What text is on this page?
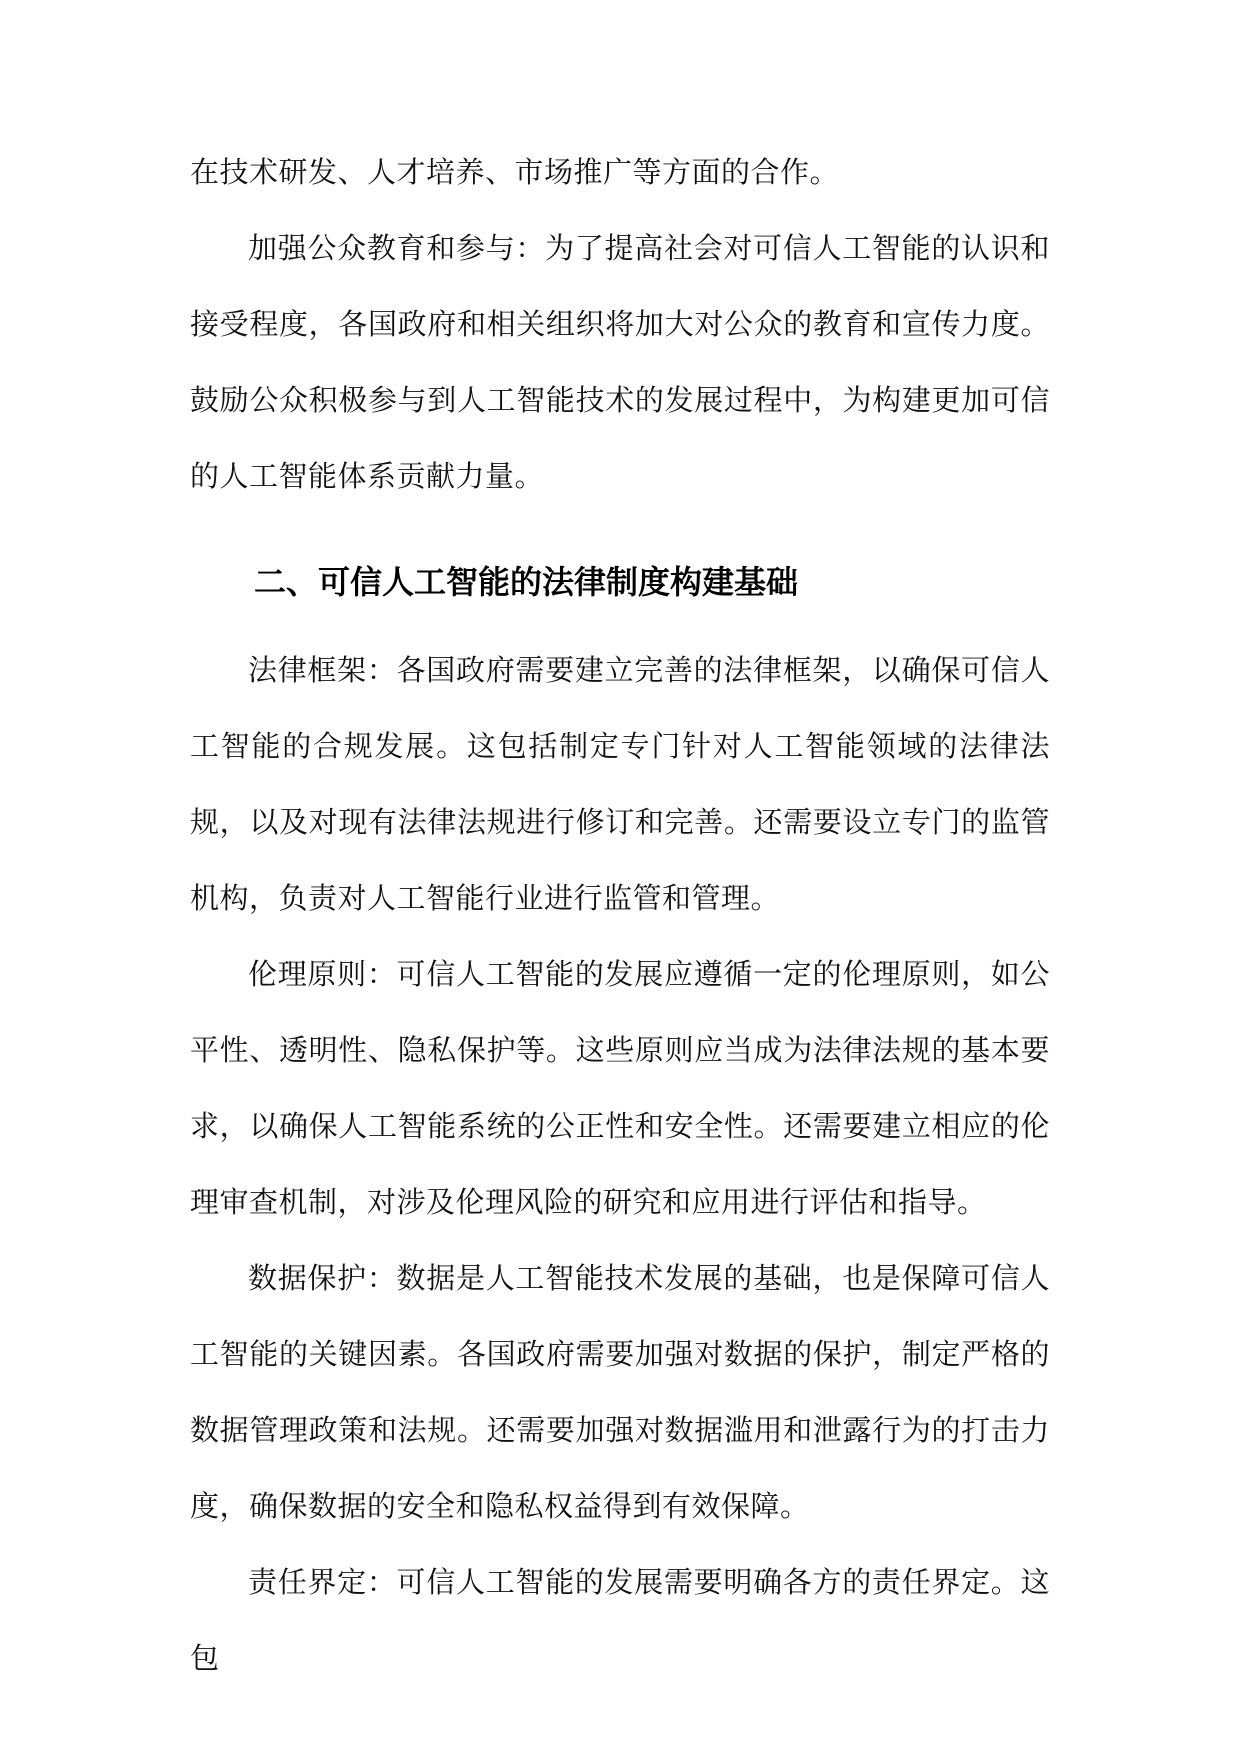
在技术研发、人才培养、市场推广等方面的合作。

加强公众教育和参与：为了提高社会对可信人工智能的认识和接受程度，各国政府和相关组织将加大对公众的教育和宣传力度。鼓励公众积极参与到人工智能技术的发展过程中，为构建更加可信的人工智能体系贡献力量。

二、可信人工智能的法律制度构建基础

法律框架：各国政府需要建立完善的法律框架，以确保可信人工智能的合规发展。这包括制定专门针对人工智能领域的法律法规，以及对现有法律法规进行修订和完善。还需要设立专门的监管机构，负责对人工智能行业进行监管和管理。

伦理原则：可信人工智能的发展应遵循一定的伦理原则，如公平性、透明性、隐私保护等。这些原则应当成为法律法规的基本要求，以确保人工智能系统的公正性和安全性。还需要建立相应的伦理审查机制，对涉及伦理风险的研究和应用进行评估和指导。

数据保护：数据是人工智能技术发展的基础，也是保障可信人工智能的关键因素。各国政府需要加强对数据的保护，制定严格的数据管理政策和法规。还需要加强对数据滥用和泄露行为的打击力度，确保数据的安全和隐私权益得到有效保障。

责任界定：可信人工智能的发展需要明确各方的责任界定。这包
